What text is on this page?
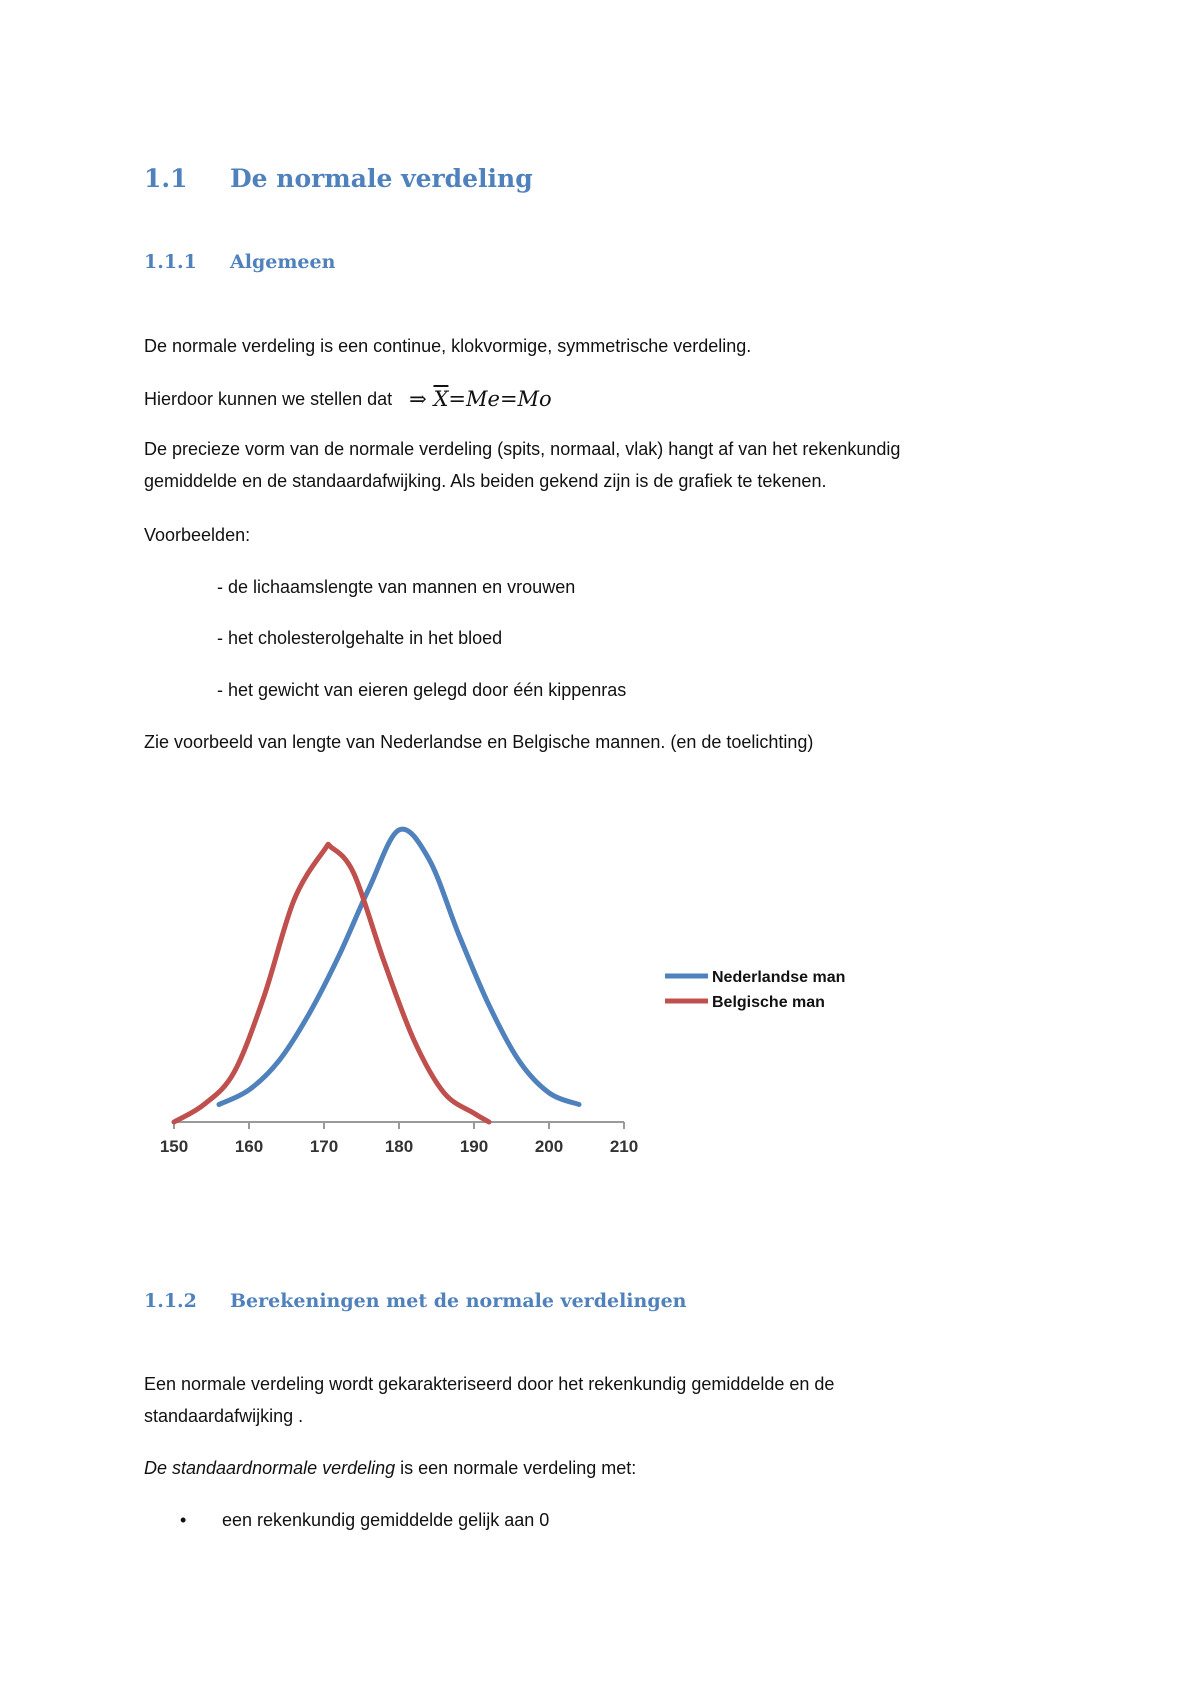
1.1 De normale verdeling
1.1.1 Algemeen

De normale verdeling is een continue, klokvormige, symmetrische verdeling.

Hierdoor kunnen we stellen dat ⇒ $\overline{X}=Me=Mo$

De precieze vorm van de normale verdeling (spits, normaal, vlak) hangt af van het rekenkundig

gemiddelde en de standaardafwijking. Als beiden gekend zijn is de grafiek te tekenen.

Voorbeelden:

- de lichaamslengte van mannen en vrouwen

- het cholesterolgehalte in het bloed

- het gewicht van eieren gelegd door één kippenras

Zie voorbeeld van lengte van Nederlandse en Belgische mannen. (en de toelichting)

150	160	170	180	190	200	210
Nederlandse man
Belgische man
1.1.2 Berekeningen met de normale verdelingen

Een normale verdeling wordt gekarakteriseerd door het rekenkundig gemiddelde en de

standaardafwijking .

De standaardnormale verdeling is een normale verdeling met:

• een rekenkundig gemiddelde gelijk aan 0
